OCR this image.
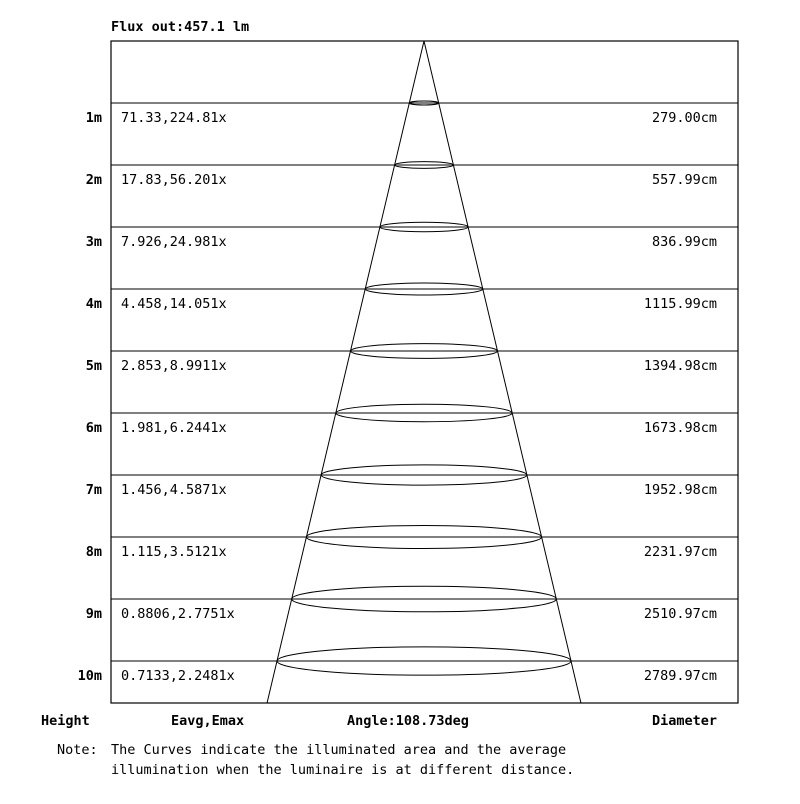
Flux out:457.1 lm
1m 71.33,224.81x	279.00cm
2m 17.83,56.201x	557.99cm
3m 7.926,24.981x	836.99cm
4m 4.458,14.051x	1115.99cm
5m 2.853,8.9911x	1394.98cm
6m 1.981,6.2441x	1673.98cm
7m 1.456,4.5871x	1952.98cm
8m 1.115,3.5121x	2231.97cm
9m 0.8806,2.7751x	2510.97cm
10m 0.7133,2.2481x	2789.97cm
Height	Eavg,Emax	Angle:108.73deg	Diameter
Note: The Curves indicate the illuminated area and the average
illumination when the luminaire is at different distance.
